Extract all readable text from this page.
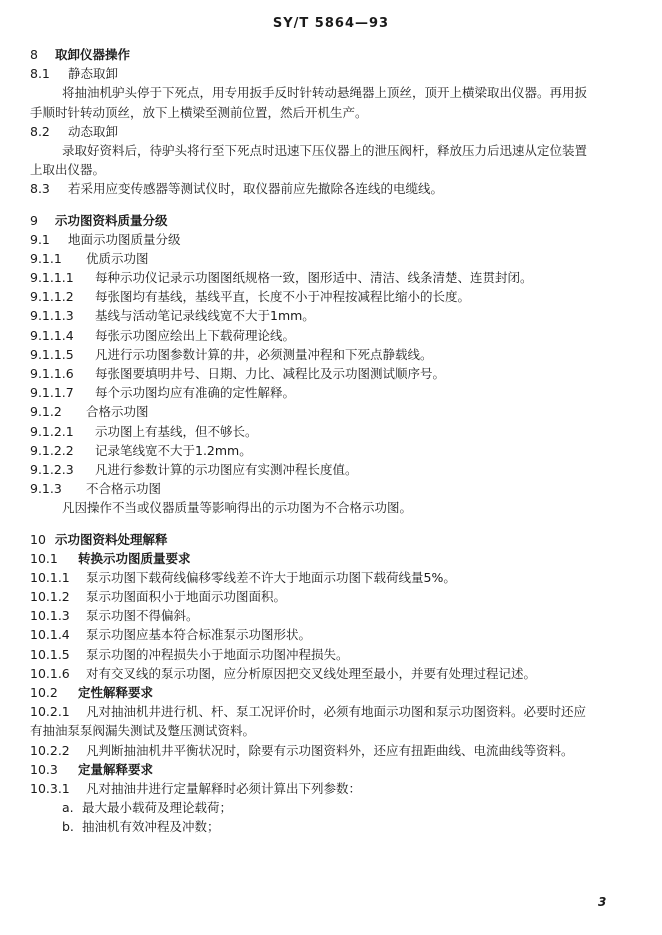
SY/T 5864—93
8 取卸仪器操作
8.1 静态取卸
将抽油机驴头停于下死点，用专用扳手反时针转动悬绳器上顶丝，顶开上横梁取出仪器。再用扳
手顺时针转动顶丝，放下上横梁至测前位置，然后开机生产。
8.2 动态取卸
录取好资料后，待驴头将行至下死点时迅速下压仪器上的泄压阀杆，释放压力后迅速从定位装置
上取出仪器。
8.3 若采用应变传感器等测试仪时，取仪器前应先撤除各连线的电缆线。
9 示功图资料质量分级
9.1 地面示功图质量分级
9.1.1 优质示功图
9.1.1.1 每种示功仪记录示功图图纸规格一致，图形适中、清洁、线条清楚、连贯封闭。
9.1.1.2 每张图均有基线，基线平直，长度不小于冲程按减程比缩小的长度。
9.1.1.3 基线与活动笔记录线线宽不大于1mm。
9.1.1.4 每张示功图应绘出上下载荷理论线。
9.1.1.5 凡进行示功图参数计算的井，必须测量冲程和下死点静载线。
9.1.1.6 每张图要填明井号、日期、力比、减程比及示功图测试顺序号。
9.1.1.7 每个示功图均应有准确的定性解释。
9.1.2 合格示功图
9.1.2.1 示功图上有基线，但不够长。
9.1.2.2 记录笔线宽不大于1.2mm。
9.1.2.3 凡进行参数计算的示功图应有实测冲程长度值。
9.1.3 不合格示功图
凡因操作不当或仪器质量等影响得出的示功图为不合格示功图。
10 示功图资料处理解释
10.1 转换示功图质量要求
10.1.1 泵示功图下载荷线偏移零线差不许大于地面示功图下载荷线量5%。
10.1.2 泵示功图面积小于地面示功图面积。
10.1.3 泵示功图不得偏斜。
10.1.4 泵示功图应基本符合标准泵示功图形状。
10.1.5 泵示功图的冲程损失小于地面示功图冲程损失。
10.1.6 对有交叉线的泵示功图，应分析原因把交叉线处理至最小，并要有处理过程记述。
10.2 定性解释要求
10.2.1 凡对抽油机井进行机、杆、泵工况评价时，必须有地面示功图和泵示功图资料。必要时还应
有抽油泵泵阀漏失测试及蹩压测试资料。
10.2.2 凡判断抽油机井平衡状况时，除要有示功图资料外，还应有扭距曲线、电流曲线等资料。
10.3 定量解释要求
10.3.1 凡对抽油井进行定量解释时必须计算出下列参数：
a. 最大最小载荷及理论载荷；
b. 抽油机有效冲程及冲数；
3
